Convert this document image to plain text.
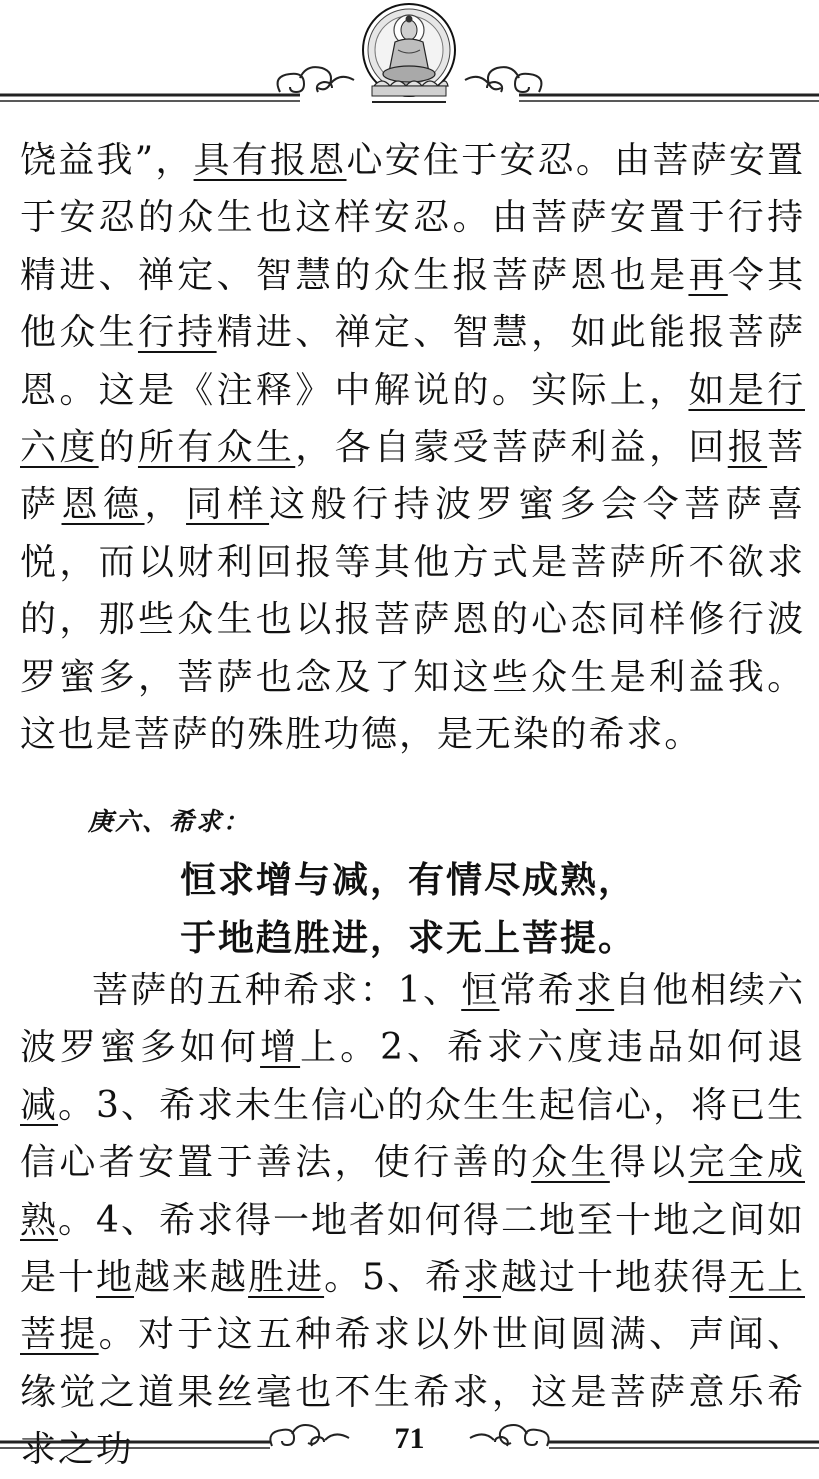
饶益我”，具有报恩心安住于安忍。由菩萨安置于安忍的众生也这样安忍。由菩萨安置于行持精进、禅定、智慧的众生报菩萨恩也是再令其他众生行持精进、禅定、智慧，如此能报菩萨恩。这是《注释》中解说的。实际上，如是行六度的所有众生，各自蒙受菩萨利益，回报菩萨恩德，同样这般行持波罗蜜多会令菩萨喜悦，而以财利回报等其他方式是菩萨所不欲求的，那些众生也以报菩萨恩的心态同样修行波罗蜜多，菩萨也念及了知这些众生是利益我。这也是菩萨的殊胜功德，是无染的希求。

庚六、希求：
恒求增与减，有情尽成熟，
于地趋胜进，求无上菩提。

菩萨的五种希求：1、恒常希求自他相续六波罗蜜多如何增上。2、希求六度违品如何退减。3、希求未生信心的众生生起信心，将已生信心者安置于善法，使行善的众生得以完全成熟。4、希求得一地者如何得二地至十地之间如是十地越来越胜进。5、希求越过十地获得无上菩提。对于这五种希求以外世间圆满、声闻、缘觉之道果丝毫也不生希求，这是菩萨意乐希求之功	71
